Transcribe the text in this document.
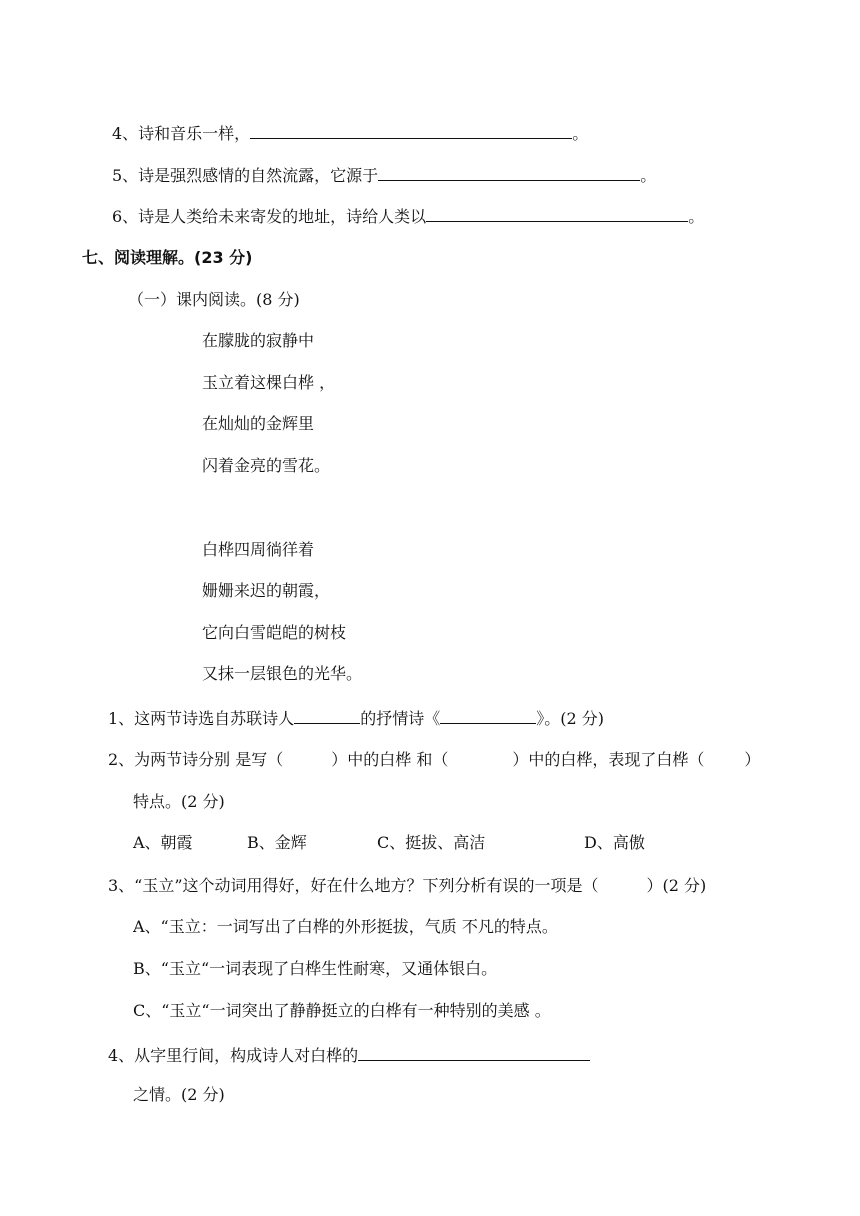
4、诗和音乐一样，	。
5、诗是强烈感情的自然流露，它源于	。
6、诗是人类给未来寄发的地址，诗给人类以	。
七、阅读理解。(23 分)
（一）课内阅读。(8 分)
在朦胧的寂静中
玉立着这棵白桦 ，
在灿灿的金辉里
闪着金亮的雪花。
白桦四周徜徉着
姗姗来迟的朝霞，
它向白雪皑皑的树枝
又抹一层银色的光华。
1、这两节诗选自苏联诗人	的抒情诗《	》。(2 分)
2、为两节诗分别 是写（	）中的白桦 和（	）中的白桦，表现了白桦（	）
特点。(2 分)
A、朝霞	B、金辉	C、挺拔、高洁	D、高傲
3、“玉立”这个动词用得好，好在什么地方？下列分析有误的一项是（	）(2 分)
A、“玉立：一词写出了白桦的外形挺拔，气质 不凡的特点。
B、“玉立“一词表现了白桦生性耐寒，又通体银白。
C、“玉立“一词突出了静静挺立的白桦有一种特别的美感 。
4、从字里行间，构成诗人对白桦的
之情。(2 分)
